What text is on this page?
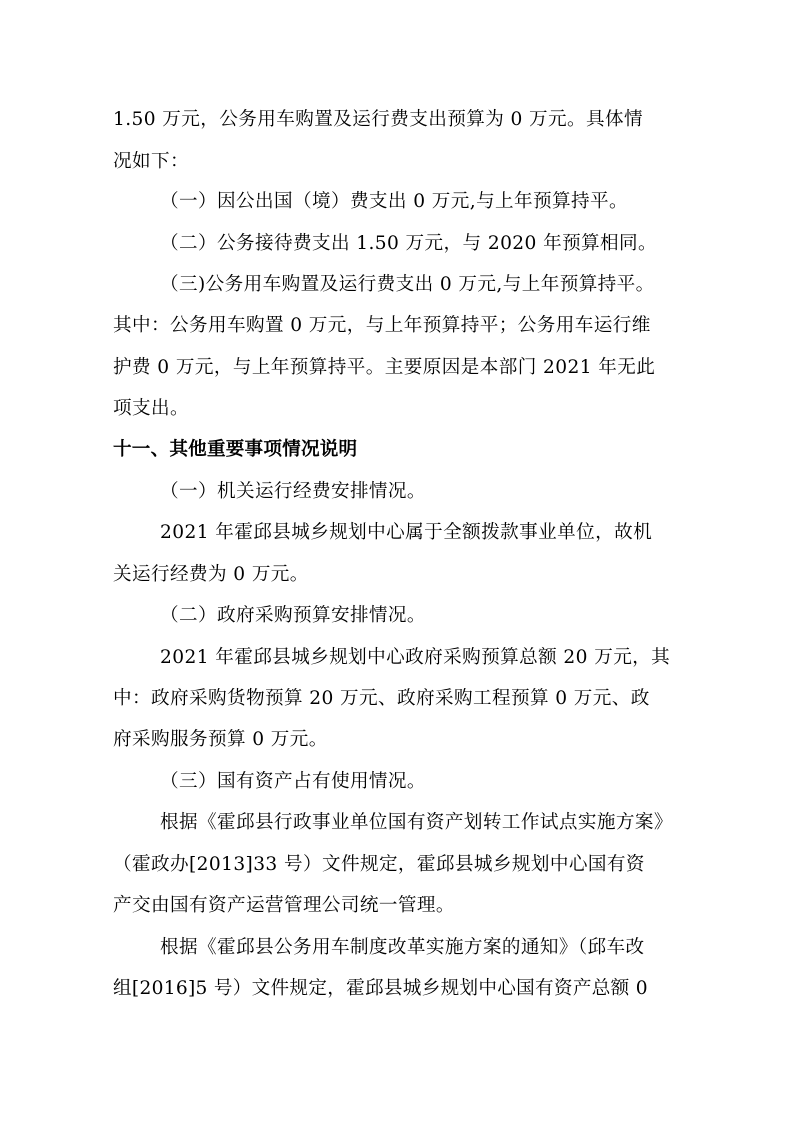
1.50 万元，公务用车购置及运行费支出预算为 0 万元。具体情
况如下：
（一）因公出国（境）费支出 0 万元,与上年预算持平。
（二）公务接待费支出 1.50 万元，与 2020 年预算相同。
（三)公务用车购置及运行费支出 0 万元,与上年预算持平。
其中：公务用车购置 0 万元，与上年预算持平；公务用车运行维
护费 0 万元，与上年预算持平。主要原因是本部门 2021 年无此
项支出。
十一、其他重要事项情况说明
（一）机关运行经费安排情况。
2021 年霍邱县城乡规划中心属于全额拨款事业单位，故机
关运行经费为 0 万元。
（二）政府采购预算安排情况。
2021 年霍邱县城乡规划中心政府采购预算总额 20 万元，其
中：政府采购货物预算 20 万元、政府采购工程预算 0 万元、政
府采购服务预算 0 万元。
（三）国有资产占有使用情况。
根据《霍邱县行政事业单位国有资产划转工作试点实施方案》
（霍政办[2013]33 号）文件规定，霍邱县城乡规划中心国有资
产交由国有资产运营管理公司统一管理。
根据《霍邱县公务用车制度改革实施方案的通知》（邱车改
组[2016]5 号）文件规定，霍邱县城乡规划中心国有资产总额 0
